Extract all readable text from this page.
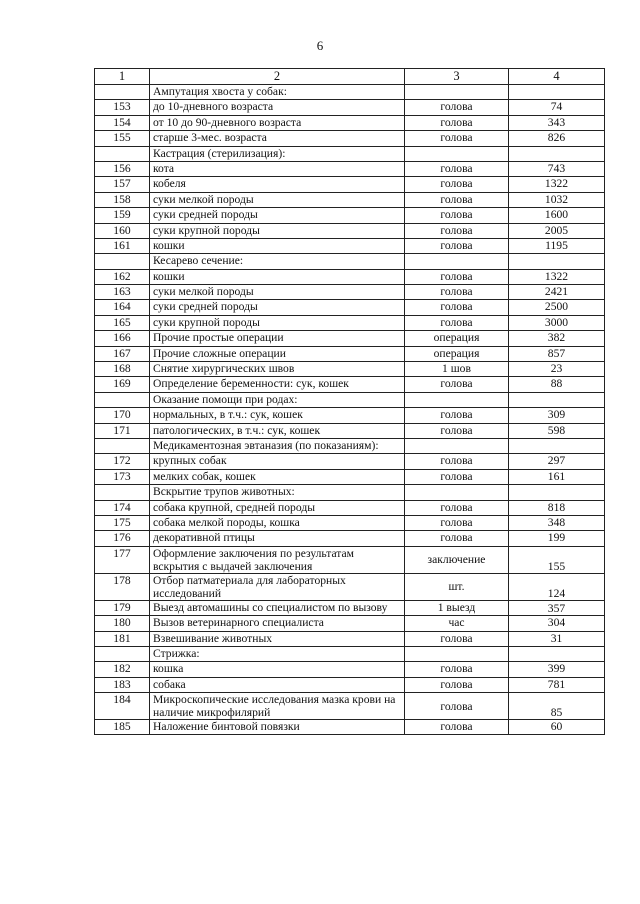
6
1	2	3	4
	Ампутация хвоста у собак:		
153	до 10-дневного возраста	голова	74
154	от 10 до 90-дневного возраста	голова	343
155	старше 3-мес. возраста	голова	826
	Кастрация (стерилизация):		
156	кота	голова	743
157	кобеля	голова	1322
158	суки мелкой породы	голова	1032
159	суки средней породы	голова	1600
160	суки крупной породы	голова	2005
161	кошки	голова	1195
	Кесарево сечение:		
162	кошки	голова	1322
163	суки мелкой породы	голова	2421
164	суки средней породы	голова	2500
165	суки крупной породы	голова	3000
166	Прочие простые операции	операция	382
167	Прочие сложные операции	операция	857
168	Снятие хирургических швов	1 шов	23
169	Определение беременности: сук, кошек	голова	88
	Оказание помощи при родах:		
170	нормальных, в т.ч.: сук, кошек	голова	309
171	патологических, в т.ч.: сук, кошек	голова	598
	Медикаментозная эвтаназия (по показаниям):		
172	крупных собак	голова	297
173	мелких собак, кошек	голова	161
	Вскрытие трупов животных:		
174	собака крупной, средней породы	голова	818
175	собака мелкой породы, кошка	голова	348
176	декоративной птицы	голова	199
177	Оформление заключения по результатам вскрытия с выдачей заключения	заключение	155
178	Отбор патматериала для лабораторных исследований	шт.	124
179	Выезд автомашины со специалистом по вызову	1 выезд	357
180	Вызов ветеринарного специалиста	час	304
181	Взвешивание животных	голова	31
	Стрижка:		
182	кошка	голова	399
183	собака	голова	781
184	Микроскопические исследования мазка крови на наличие микрофилярий	голова	85
185	Наложение бинтовой повязки	голова	60
